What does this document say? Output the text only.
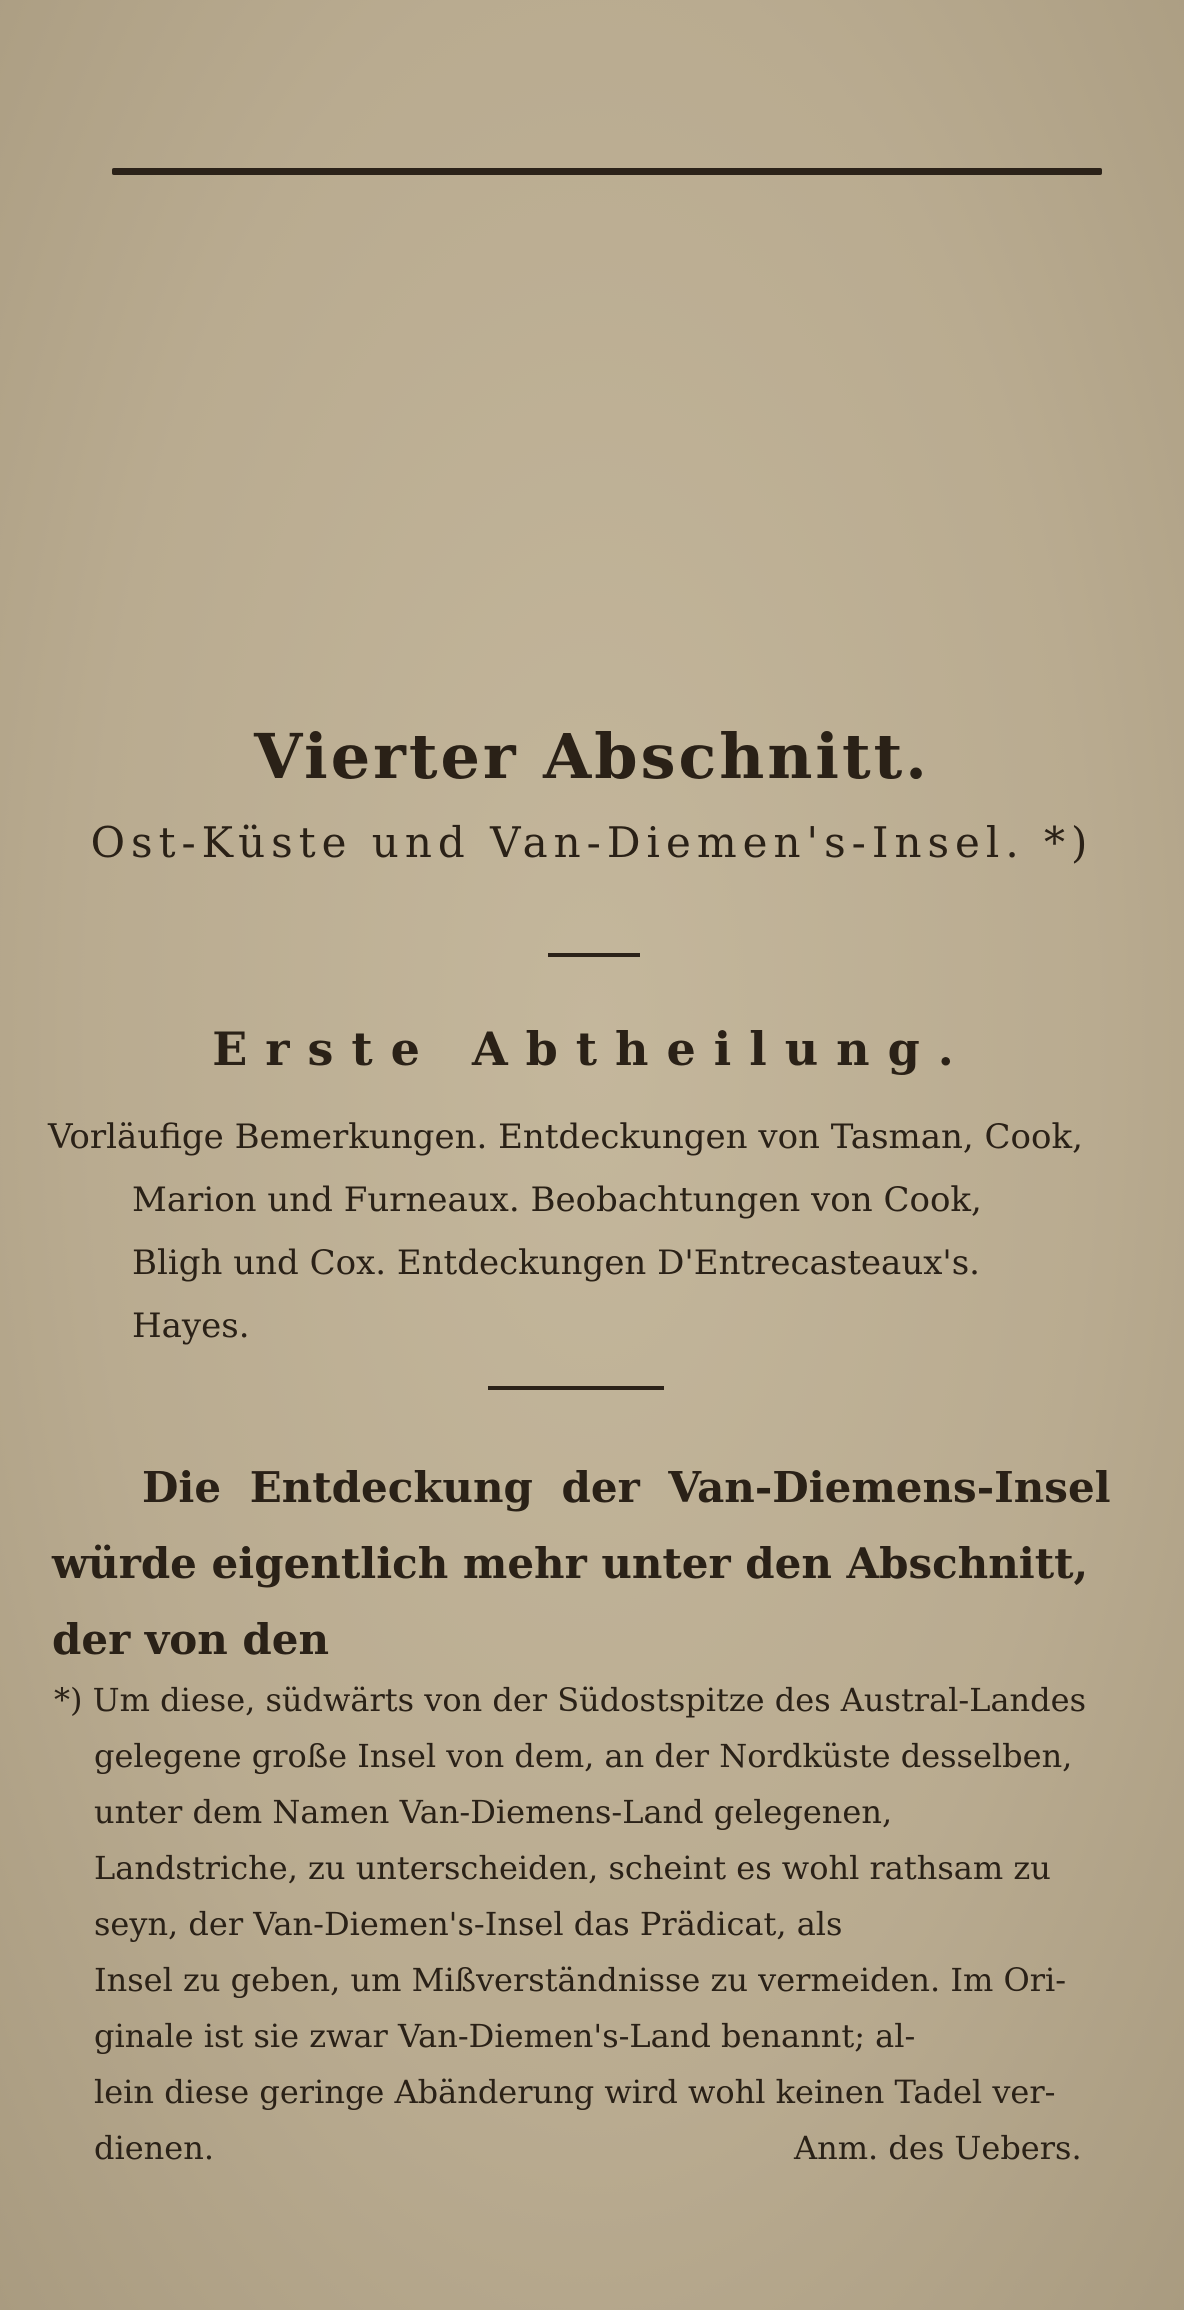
Vierter Abschnitt.
Ost-Küste und Van-Diemen's-Insel. *)
Erste Abtheilung.
Vorläufige Bemerkungen. Entdeckungen von Tasman, Cook,
Marion und Furneaux. Beobachtungen von Cook,
Bligh und Cox. Entdeckungen D'Entrecasteaux's.
Hayes.
Die Entdeckung der Van-Diemens-Insel
würde eigentlich mehr unter den Abschnitt, der von den
*) Um diese, südwärts von der Südostspitze des Austral-Landes
gelegene große Insel von dem, an der Nordküste desselben,
unter dem Namen Van-Diemens-Land gelegenen,
Landstriche, zu unterscheiden, scheint es wohl rathsam zu
seyn, der Van-Diemen's-Insel das Prädicat, als
Insel zu geben, um Mißverständnisse zu vermeiden. Im Ori-
ginale ist sie zwar Van-Diemen's-Land benannt; al-
lein diese geringe Abänderung wird wohl keinen Tadel ver-
dienen.	Anm. des Uebers.
